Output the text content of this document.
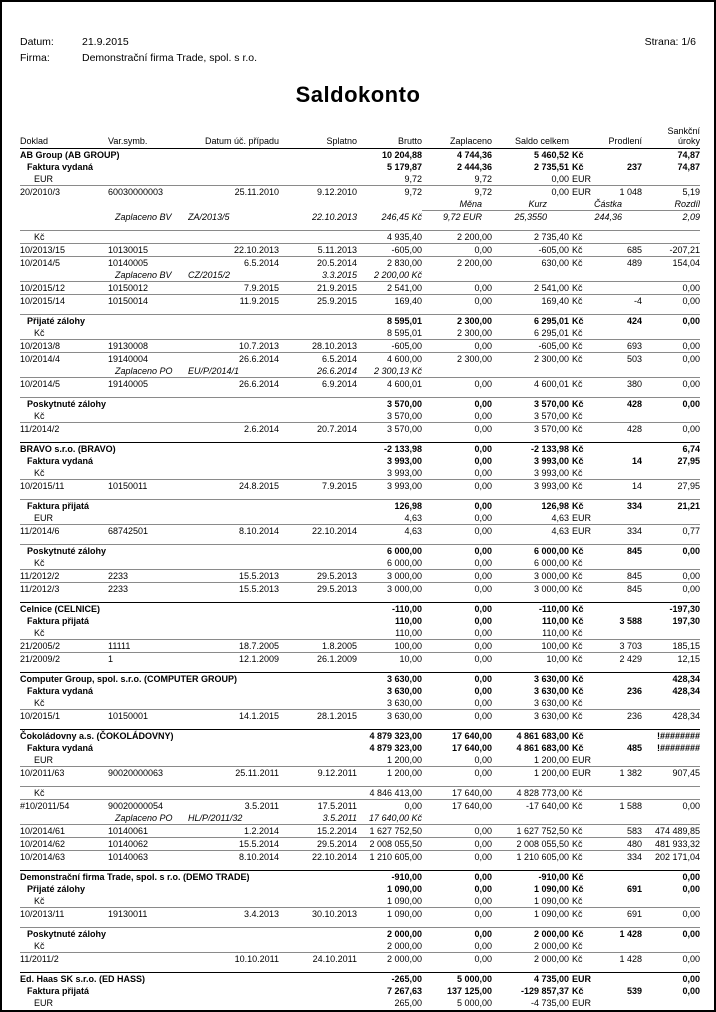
Datum:	21.9.2015
Firma:	Demonstrační firma Trade, spol. s r.o.
Strana: 1/6
Saldokonto
Doklad	Var.symb.	Datum úč. případu	Splatno	Brutto	Zaplaceno	Saldo celkem		Prodlení	Sankční
úroky
AB Group (AB GROUP)				10 204,88	4 744,36	5 460,52	Kč		74,87
Faktura vydaná				5 179,87	2 444,36	2 735,51	Kč	237	74,87
EUR				9,72	9,72	0,00	EUR		
20/2010/3	60030000003	25.11.2010	9.12.2010	9,72	9,72	0,00	EUR	1 048	5,19
					Měna	Kurz	Částka		Rozdíl
	Zaplaceno BV	ZA/2013/5	22.10.2013	246,45 Kč	9,72 EUR	25,3550	244,36		2,09

Kč				4 935,40	2 200,00	2 735,40	Kč		
10/2013/15	10130015	22.10.2013	5.11.2013	-605,00	0,00	-605,00	Kč	685	-207,21
10/2014/5	10140005	6.5.2014	20.5.2014	2 830,00	2 200,00	630,00	Kč	489	154,04
	Zaplaceno BV	CZ/2015/2	3.3.2015	2 200,00 Kč					
10/2015/12	10150012	7.9.2015	21.9.2015	2 541,00	0,00	2 541,00	Kč		0,00
10/2015/14	10150014	11.9.2015	25.9.2015	169,40	0,00	169,40	Kč	-4	0,00

Přijaté zálohy				8 595,01	2 300,00	6 295,01	Kč	424	0,00
Kč				8 595,01	2 300,00	6 295,01	Kč		
10/2013/8	19130008	10.7.2013	28.10.2013	-605,00	0,00	-605,00	Kč	693	0,00
10/2014/4	19140004	26.6.2014	6.5.2014	4 600,00	2 300,00	2 300,00	Kč	503	0,00
	Zaplaceno PO	EU/P/2014/1	26.6.2014	2 300,13 Kč					
10/2014/5	19140005	26.6.2014	6.9.2014	4 600,01	0,00	4 600,01	Kč	380	0,00

Poskytnuté zálohy				3 570,00	0,00	3 570,00	Kč	428	0,00
Kč				3 570,00	0,00	3 570,00	Kč		
11/2014/2		2.6.2014	20.7.2014	3 570,00	0,00	3 570,00	Kč	428	0,00

BRAVO s.r.o. (BRAVO)				-2 133,98	0,00	-2 133,98	Kč		6,74
Faktura vydaná				3 993,00	0,00	3 993,00	Kč	14	27,95
Kč				3 993,00	0,00	3 993,00	Kč		
10/2015/11	10150011	24.8.2015	7.9.2015	3 993,00	0,00	3 993,00	Kč	14	27,95

Faktura přijatá				126,98	0,00	126,98	Kč	334	21,21
EUR				4,63	0,00	4,63	EUR		
11/2014/6	68742501	8.10.2014	22.10.2014	4,63	0,00	4,63	EUR	334	0,77

Poskytnuté zálohy				6 000,00	0,00	6 000,00	Kč	845	0,00
Kč				6 000,00	0,00	6 000,00	Kč		
11/2012/2	2233	15.5.2013	29.5.2013	3 000,00	0,00	3 000,00	Kč	845	0,00
11/2012/3	2233	15.5.2013	29.5.2013	3 000,00	0,00	3 000,00	Kč	845	0,00

Celnice (CELNICE)				-110,00	0,00	-110,00	Kč		-197,30
Faktura přijatá				110,00	0,00	110,00	Kč	3 588	197,30
Kč				110,00	0,00	110,00	Kč		
21/2005/2	11111	18.7.2005	1.8.2005	100,00	0,00	100,00	Kč	3 703	185,15
21/2009/2	1	12.1.2009	26.1.2009	10,00	0,00	10,00	Kč	2 429	12,15

Computer Group, spol. s.r.o. (COMPUTER GROUP)				3 630,00	0,00	3 630,00	Kč		428,34
Faktura vydaná				3 630,00	0,00	3 630,00	Kč	236	428,34
Kč				3 630,00	0,00	3 630,00	Kč		
10/2015/1	10150001	14.1.2015	28.1.2015	3 630,00	0,00	3 630,00	Kč	236	428,34

Čokoládovny a.s. (ČOKOLÁDOVNY)				4 879 323,00	17 640,00	4 861 683,00	Kč		!########
Faktura vydaná				4 879 323,00	17 640,00	4 861 683,00	Kč	485	!########
EUR				1 200,00	0,00	1 200,00	EUR		
10/2011/63	90020000063	25.11.2011	9.12.2011	1 200,00	0,00	1 200,00	EUR	1 382	907,45

Kč				4 846 413,00	17 640,00	4 828 773,00	Kč		
#10/2011/54	90020000054	3.5.2011	17.5.2011	0,00	17 640,00	-17 640,00	Kč	1 588	0,00
	Zaplaceno PO	HL/P/2011/32	3.5.2011	17 640,00 Kč					
10/2014/61	10140061	1.2.2014	15.2.2014	1 627 752,50	0,00	1 627 752,50	Kč	583	474 489,85
10/2014/62	10140062	15.5.2014	29.5.2014	2 008 055,50	0,00	2 008 055,50	Kč	480	481 933,32
10/2014/63	10140063	8.10.2014	22.10.2014	1 210 605,00	0,00	1 210 605,00	Kč	334	202 171,04

Demonstrační firma Trade, spol. s r.o. (DEMO TRADE)				-910,00	0,00	-910,00	Kč		0,00
Přijaté zálohy				1 090,00	0,00	1 090,00	Kč	691	0,00
Kč				1 090,00	0,00	1 090,00	Kč		
10/2013/11	19130011	3.4.2013	30.10.2013	1 090,00	0,00	1 090,00	Kč	691	0,00

Poskytnuté zálohy				2 000,00	0,00	2 000,00	Kč	1 428	0,00
Kč				2 000,00	0,00	2 000,00	Kč		
11/2011/2		10.10.2011	24.10.2011	2 000,00	0,00	2 000,00	Kč	1 428	0,00

Ed. Haas SK s.r.o. (ED HASS)				-265,00	5 000,00	4 735,00	EUR		0,00
Faktura přijatá				7 267,63	137 125,00	-129 857,37	Kč	539	0,00
EUR				265,00	5 000,00	-4 735,00	EUR		
